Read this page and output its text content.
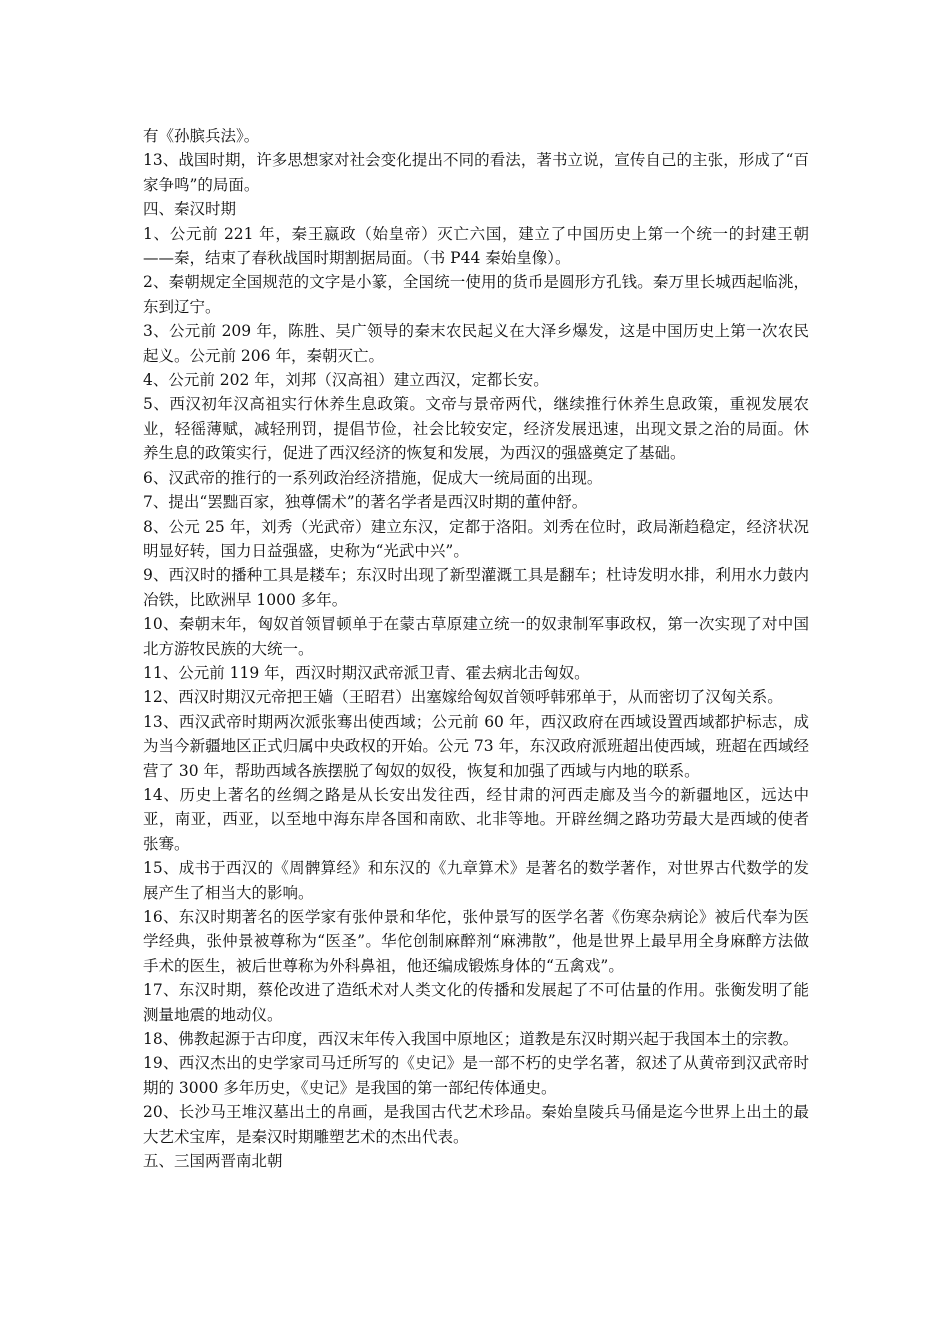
有《孙膑兵法》。

13、战国时期，许多思想家对社会变化提出不同的看法，著书立说，宣传自己的主张，形成了“百家争鸣”的局面。

四、秦汉时期

1、公元前 221 年，秦王嬴政（始皇帝）灭亡六国，建立了中国历史上第一个统一的封建王朝——秦，结束了春秋战国时期割据局面。（书 P44 秦始皇像）。

2、秦朝规定全国规范的文字是小篆，全国统一使用的货币是圆形方孔钱。秦万里长城西起临洮，东到辽宁。

3、公元前 209 年，陈胜、吴广领导的秦末农民起义在大泽乡爆发，这是中国历史上第一次农民起义。公元前 206 年，秦朝灭亡。

4、公元前 202 年，刘邦（汉高祖）建立西汉，定都长安。

5、西汉初年汉高祖实行休养生息政策。文帝与景帝两代，继续推行休养生息政策，重视发展农业，轻徭薄赋，减轻刑罚，提倡节俭，社会比较安定，经济发展迅速，出现文景之治的局面。休养生息的政策实行，促进了西汉经济的恢复和发展，为西汉的强盛奠定了基础。

6、汉武帝的推行的一系列政治经济措施，促成大一统局面的出现。

7、提出“罢黜百家，独尊儒术”的著名学者是西汉时期的董仲舒。

8、公元 25 年，刘秀（光武帝）建立东汉，定都于洛阳。刘秀在位时，政局渐趋稳定，经济状况明显好转，国力日益强盛，史称为“光武中兴”。

9、西汉时的播种工具是耧车；东汉时出现了新型灌溉工具是翻车；杜诗发明水排，利用水力鼓内冶铁，比欧洲早 1000 多年。

10、秦朝末年，匈奴首领冒顿单于在蒙古草原建立统一的奴隶制军事政权，第一次实现了对中国北方游牧民族的大统一。

11、公元前 119 年，西汉时期汉武帝派卫青、霍去病北击匈奴。

12、西汉时期汉元帝把王嫱（王昭君）出塞嫁给匈奴首领呼韩邪单于，从而密切了汉匈关系。

13、西汉武帝时期两次派张骞出使西域；公元前 60 年，西汉政府在西域设置西域都护标志，成为当今新疆地区正式归属中央政权的开始。公元 73 年，东汉政府派班超出使西域，班超在西域经营了 30 年，帮助西域各族摆脱了匈奴的奴役，恢复和加强了西域与内地的联系。

14、历史上著名的丝绸之路是从长安出发往西，经甘肃的河西走廊及当今的新疆地区，远达中亚，南亚，西亚，以至地中海东岸各国和南欧、北非等地。开辟丝绸之路功劳最大是西域的使者张骞。

15、成书于西汉的《周髀算经》和东汉的《九章算术》是著名的数学著作，对世界古代数学的发展产生了相当大的影响。

16、东汉时期著名的医学家有张仲景和华佗，张仲景写的医学名著《伤寒杂病论》被后代奉为医学经典，张仲景被尊称为“医圣”。华佗创制麻醉剂“麻沸散”，他是世界上最早用全身麻醉方法做手术的医生，被后世尊称为外科鼻祖，他还编成锻炼身体的“五禽戏”。

17、东汉时期，蔡伦改进了造纸术对人类文化的传播和发展起了不可估量的作用。张衡发明了能测量地震的地动仪。

18、佛教起源于古印度，西汉末年传入我国中原地区；道教是东汉时期兴起于我国本土的宗教。

19、西汉杰出的史学家司马迁所写的《史记》是一部不朽的史学名著，叙述了从黄帝到汉武帝时期的 3000 多年历史，《史记》是我国的第一部纪传体通史。

20、长沙马王堆汉墓出土的帛画，是我国古代艺术珍品。秦始皇陵兵马俑是迄今世界上出土的最大艺术宝库，是秦汉时期雕塑艺术的杰出代表。

五、三国两晋南北朝
